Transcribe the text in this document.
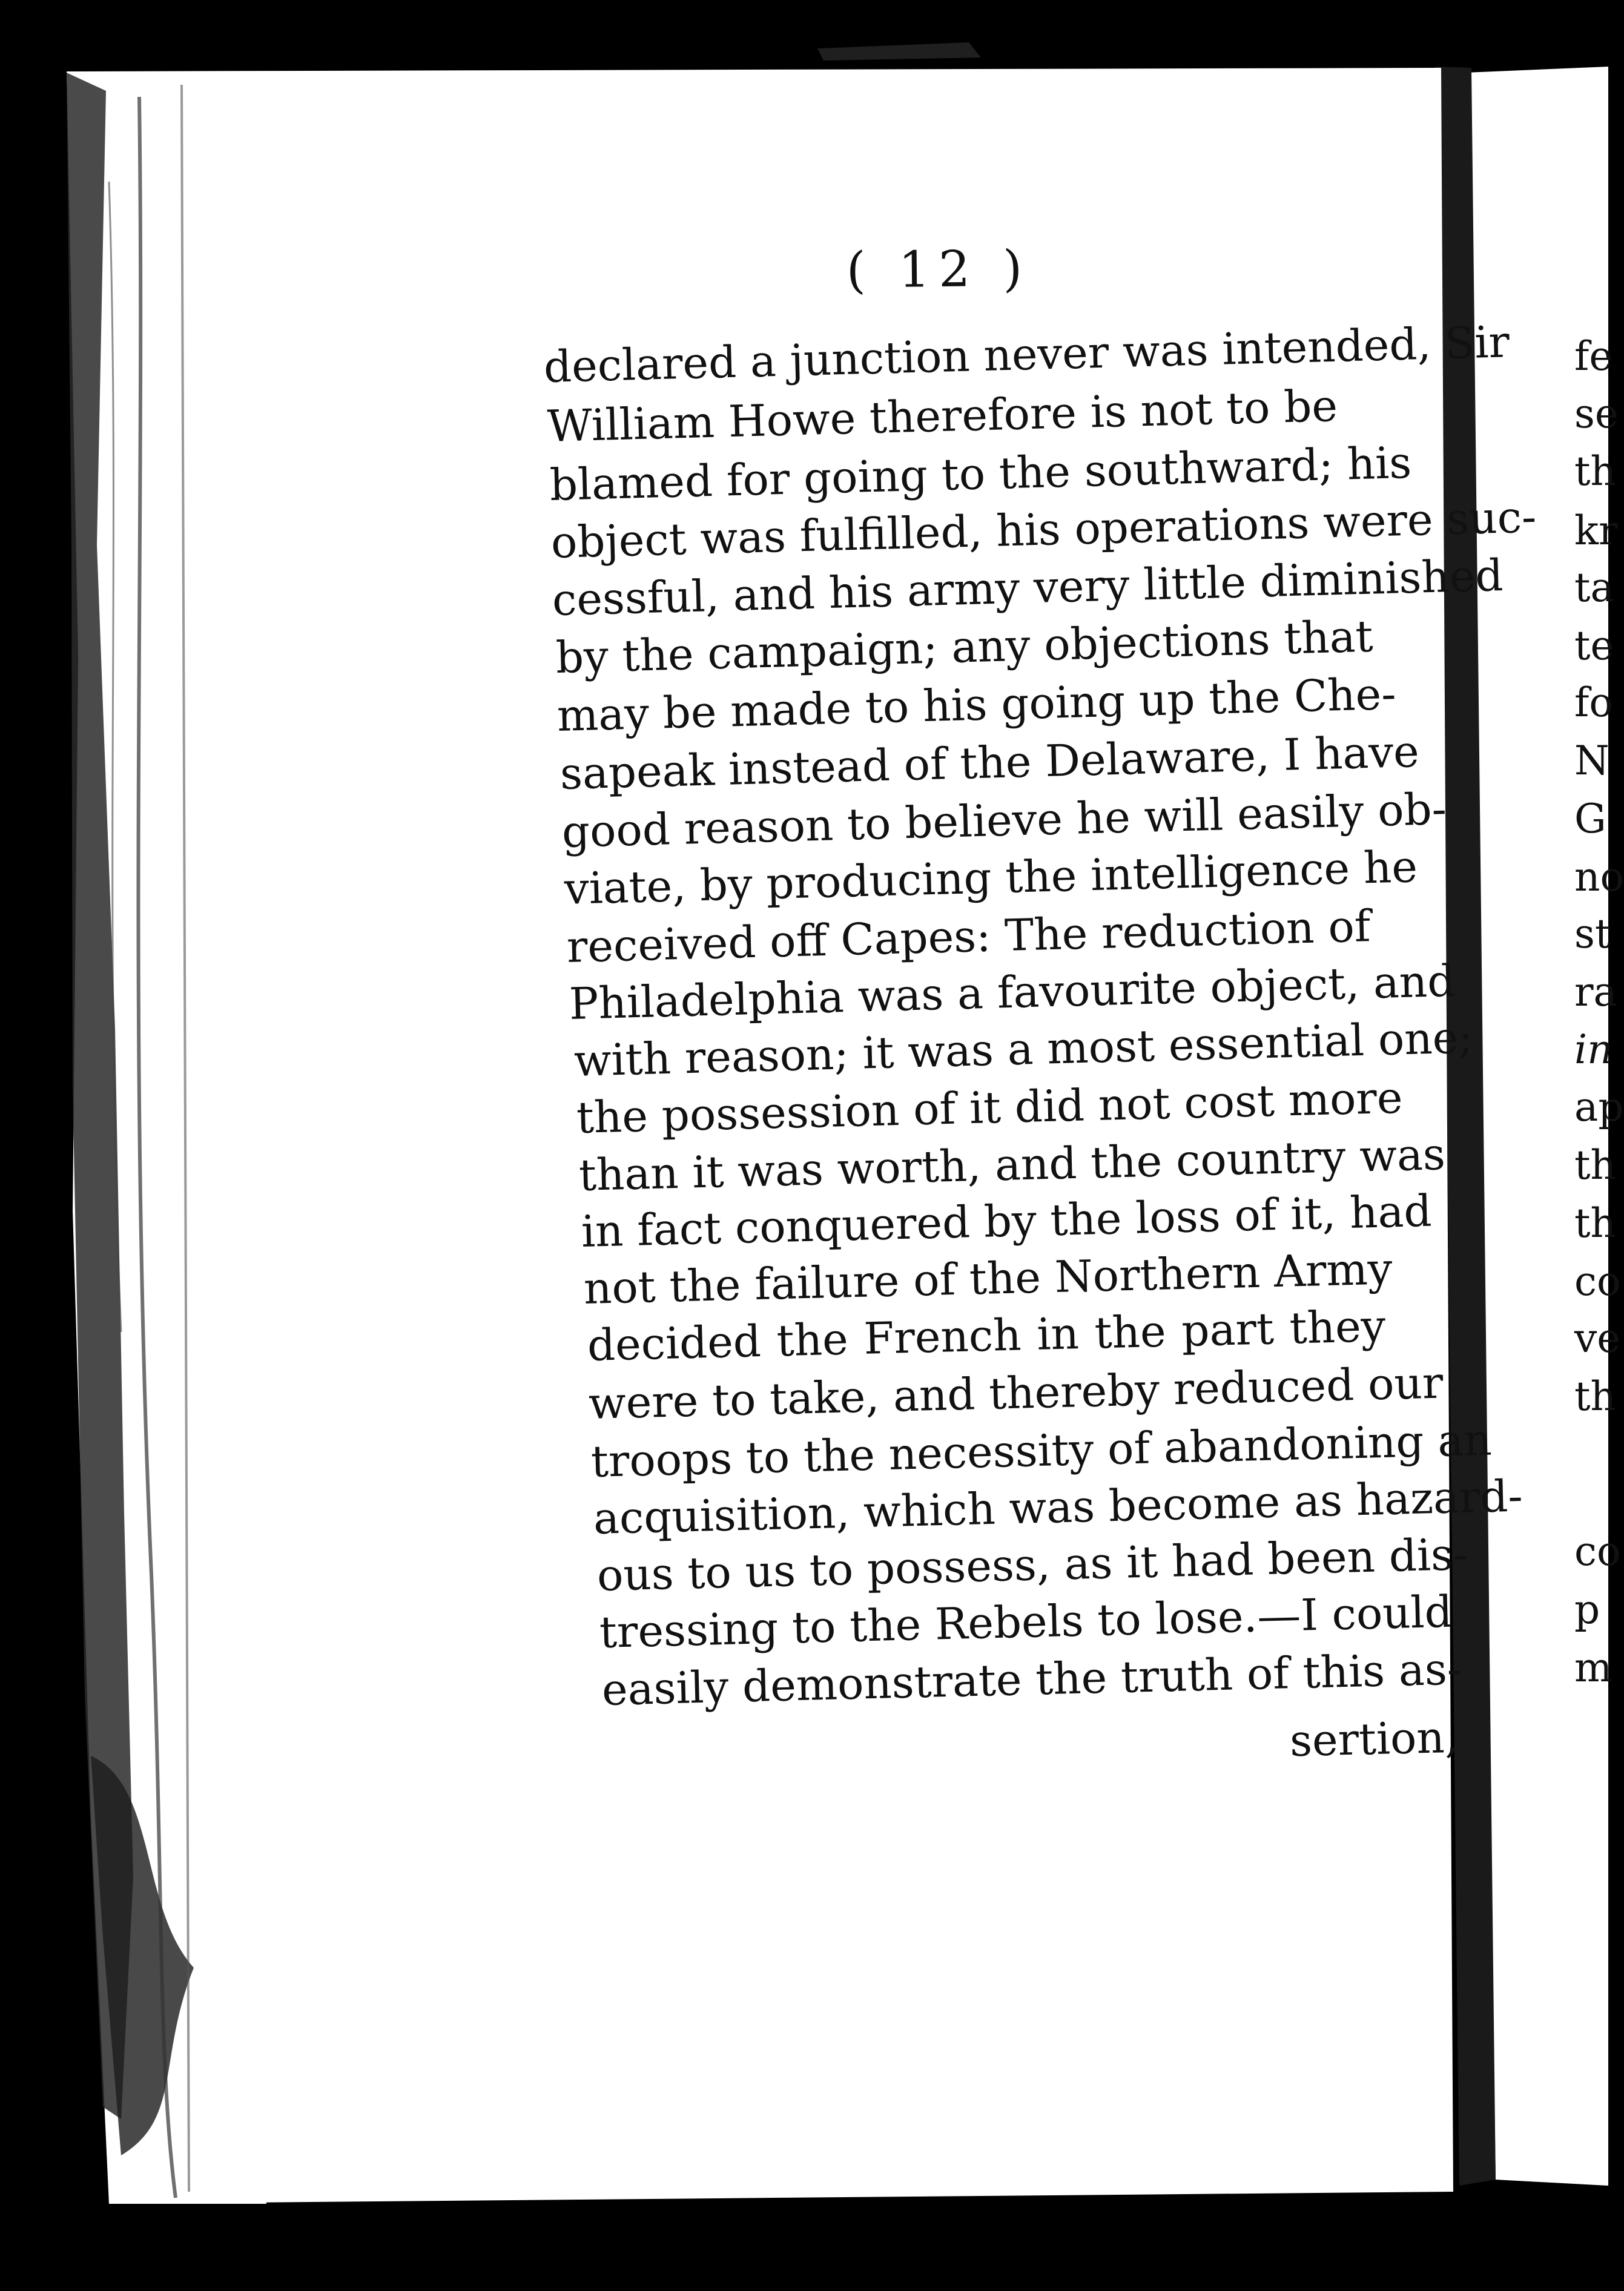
( 12 )
declared a junction never was intended, Sir
William Howe therefore is not to be
blamed for going to the southward; his
object was fulfilled, his operations were suc-
cessful, and his army very little diminished
by the campaign; any objections that
may be made to his going up the Che-
sapeak instead of the Delaware, I have
good reason to believe he will easily ob-
viate, by producing the intelligence he
received off Capes: The reduction of
Philadelphia was a favourite object, and
with reason; it was a most essential one;
the possession of it did not cost more
than it was worth, and the country was
in fact conquered by the loss of it, had
not the failure of the Northern Army
decided the French in the part they
were to take, and thereby reduced our
troops to the necessity of abandoning an
acquisition, which was become as hazard-
ous to us to possess, as it had been dis-
tressing to the Rebels to lose.—I could
easily demonstrate the truth of this as-
sertion,
fe
se
th
kr
ta
te
fo
N
G
no
st
ra
in
ap
th
th
co
ve
th
co
p
m
